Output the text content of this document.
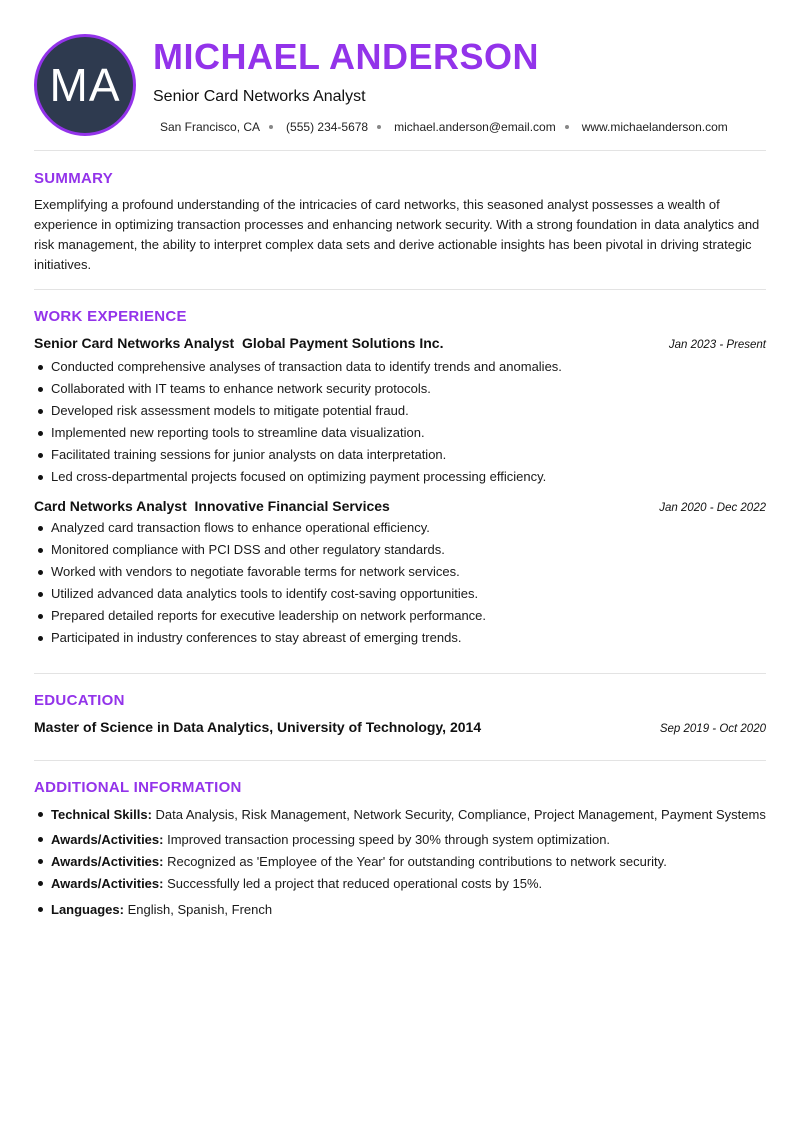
MA
MICHAEL ANDERSON
Senior Card Networks Analyst
San Francisco, CA (555) 234-5678 michael.anderson@email.com www.michaelanderson.com
SUMMARY

Exemplifying a profound understanding of the intricacies of card networks, this seasoned analyst possesses a wealth of experience in optimizing transaction processes and enhancing network security. With a strong foundation in data analytics and risk management, the ability to interpret complex data sets and derive actionable insights has been pivotal in driving strategic initiatives.

WORK EXPERIENCE
Senior Card Networks Analyst Global Payment Solutions Inc.	Jan 2023 - Present
Conducted comprehensive analyses of transaction data to identify trends and anomalies.
Collaborated with IT teams to enhance network security protocols.
Developed risk assessment models to mitigate potential fraud.
Implemented new reporting tools to streamline data visualization.
Facilitated training sessions for junior analysts on data interpretation.
Led cross-departmental projects focused on optimizing payment processing efficiency.
Card Networks Analyst Innovative Financial Services	Jan 2020 - Dec 2022
Analyzed card transaction flows to enhance operational efficiency.
Monitored compliance with PCI DSS and other regulatory standards.
Worked with vendors to negotiate favorable terms for network services.
Utilized advanced data analytics tools to identify cost-saving opportunities.
Prepared detailed reports for executive leadership on network performance.
Participated in industry conferences to stay abreast of emerging trends.
EDUCATION
Master of Science in Data Analytics, University of Technology, 2014	Sep 2019 - Oct 2020
ADDITIONAL INFORMATION
Technical Skills: Data Analysis, Risk Management, Network Security, Compliance, Project Management, Payment Systems
Awards/Activities: Improved transaction processing speed by 30% through system optimization.
Awards/Activities: Recognized as 'Employee of the Year' for outstanding contributions to network security.
Awards/Activities: Successfully led a project that reduced operational costs by 15%.
Languages: English, Spanish, French
